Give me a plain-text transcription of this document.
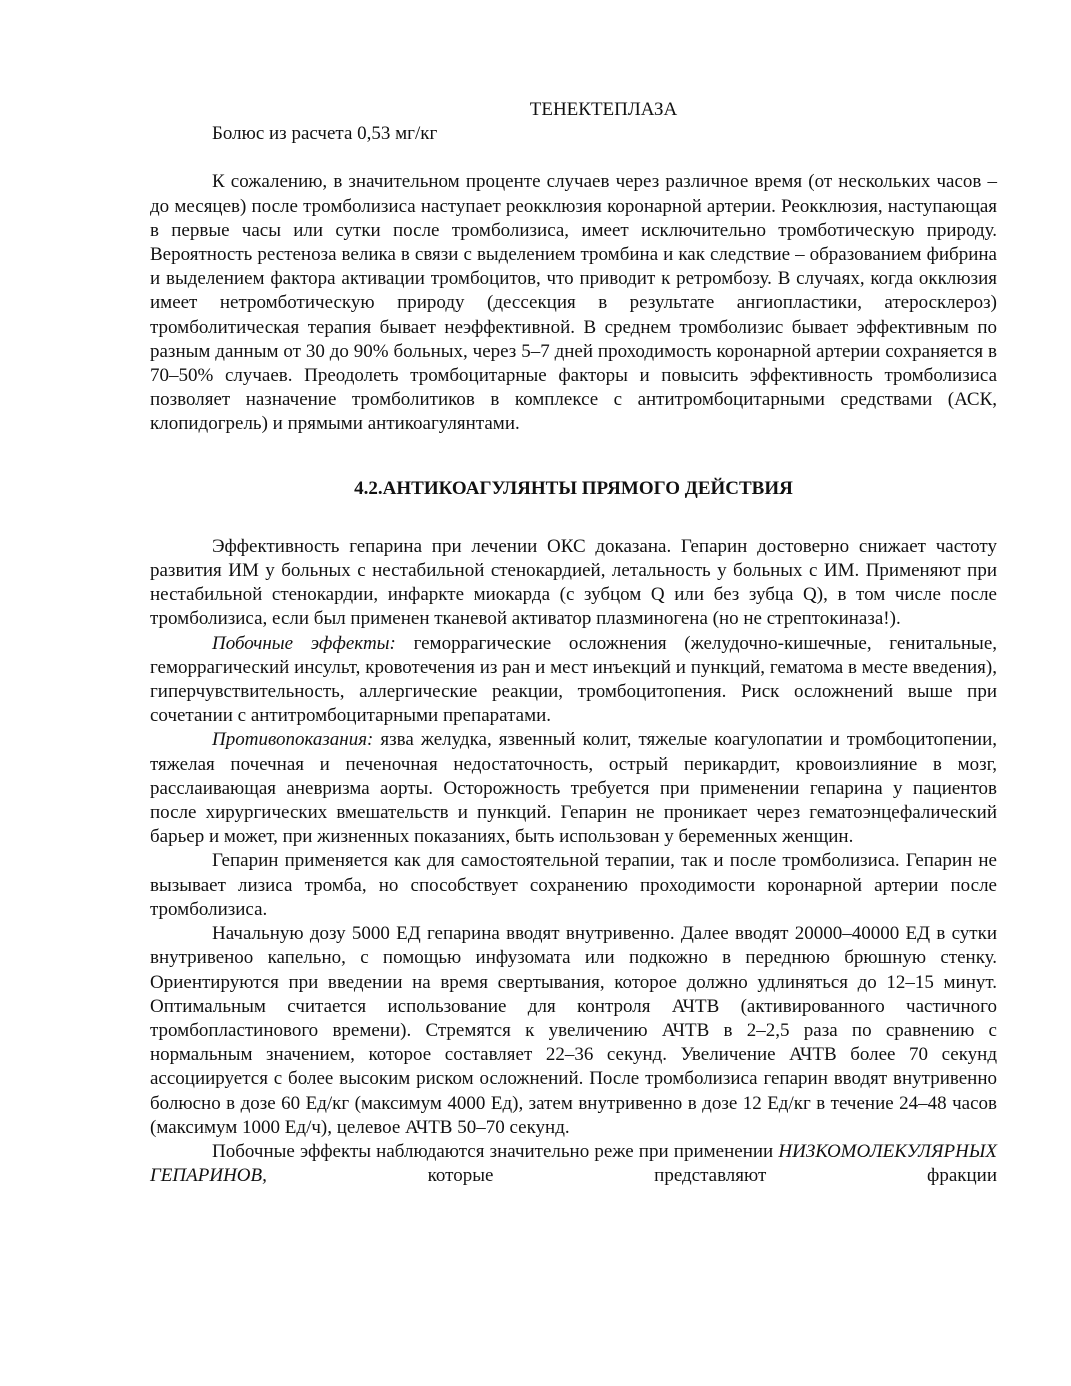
ТЕНЕКТЕПЛАЗА
Болюс из расчета 0,53 мг/кг

К сожалению, в значительном проценте случаев через различное время (от нескольких часов – до месяцев) после тромболизиса наступает реокклюзия коронарной артерии. Реокклюзия, наступающая в первые часы или сутки после тромболизиса, имеет исключительно тромботическую природу. Вероятность рестеноза велика в связи с выделением тромбина и как следствие – образованием фибрина и выделением фактора активации тромбоцитов, что приводит к ретромбозу. В случаях, когда окклюзия имеет нетромботическую природу (дессекция в результате ангиопластики, атеросклероз) тромболитическая терапия бывает неэффективной. В среднем тромболизис бывает эффективным по разным данным от 30 до 90% больных, через 5–7 дней проходимость коронарной артерии сохраняется в 70–50% случаев. Преодолеть тромбоцитарные факторы и повысить эффективность тромболизиса позволяет назначение тромболитиков в комплексе с антитромбоцитарными средствами (АСК, клопидогрель) и прямыми антикоагулянтами.

4.2.АНТИКОАГУЛЯНТЫ ПРЯМОГО ДЕЙСТВИЯ

Эффективность гепарина при лечении ОКС доказана. Гепарин достоверно снижает частоту развития ИМ у больных с нестабильной стенокардией, летальность у больных с ИМ. Применяют при нестабильной стенокардии, инфаркте миокарда (с зубцом Q или без зубца Q), в том числе после тромболизиса, если был применен тканевой активатор плазминогена (но не стрептокиназа!).

Побочные эффекты: геморрагические осложнения (желудочно-кишечные, генитальные, геморрагический инсульт, кровотечения из ран и мест инъекций и пункций, гематома в месте введения), гиперчувствительность, аллергические реакции, тромбоцитопения. Риск осложнений выше при сочетании с антитромбоцитарными препаратами.

Противопоказания: язва желудка, язвенный колит, тяжелые коагулопатии и тромбоцитопении, тяжелая почечная и печеночная недостаточность, острый перикардит, кровоизлияние в мозг, расслаивающая аневризма аорты. Осторожность требуется при применении гепарина у пациентов после хирургических вмешательств и пункций. Гепарин не проникает через гематоэнцефалический барьер и может, при жизненных показаниях, быть использован у беременных женщин.

Гепарин применяется как для самостоятельной терапии, так и после тромболизиса. Гепарин не вызывает лизиса тромба, но способствует сохранению проходимости коронарной артерии после тромболизиса.

Начальную дозу 5000 ЕД гепарина вводят внутривенно. Далее вводят 20000–40000 ЕД в сутки внутривеноо капельно, с помощью инфузомата или подкожно в переднюю брюшную стенку. Ориентируются при введении на время свертывания, которое должно удлиняться до 12–15 минут. Оптимальным считается использование для контроля АЧТВ (активированного частичного тромбопластинового времени). Стремятся к увеличению АЧТВ в 2–2,5 раза по сравнению с нормальным значением, которое составляет 22–36 секунд. Увеличение АЧТВ более 70 секунд ассоциируется с более высоким риском осложнений. После тромболизиса гепарин вводят внутривенно болюсно в дозе 60 Ед/кг (максимум 4000 Ед), затем внутривенно в дозе 12 Ед/кг в течение 24–48 часов (максимум 1000 Ед/ч), целевое АЧТВ 50–70 секунд.

Побочные эффекты наблюдаются значительно реже при применении НИЗКОМОЛЕКУЛЯРНЫХ ГЕПАРИНОВ, которые представляют фракции
